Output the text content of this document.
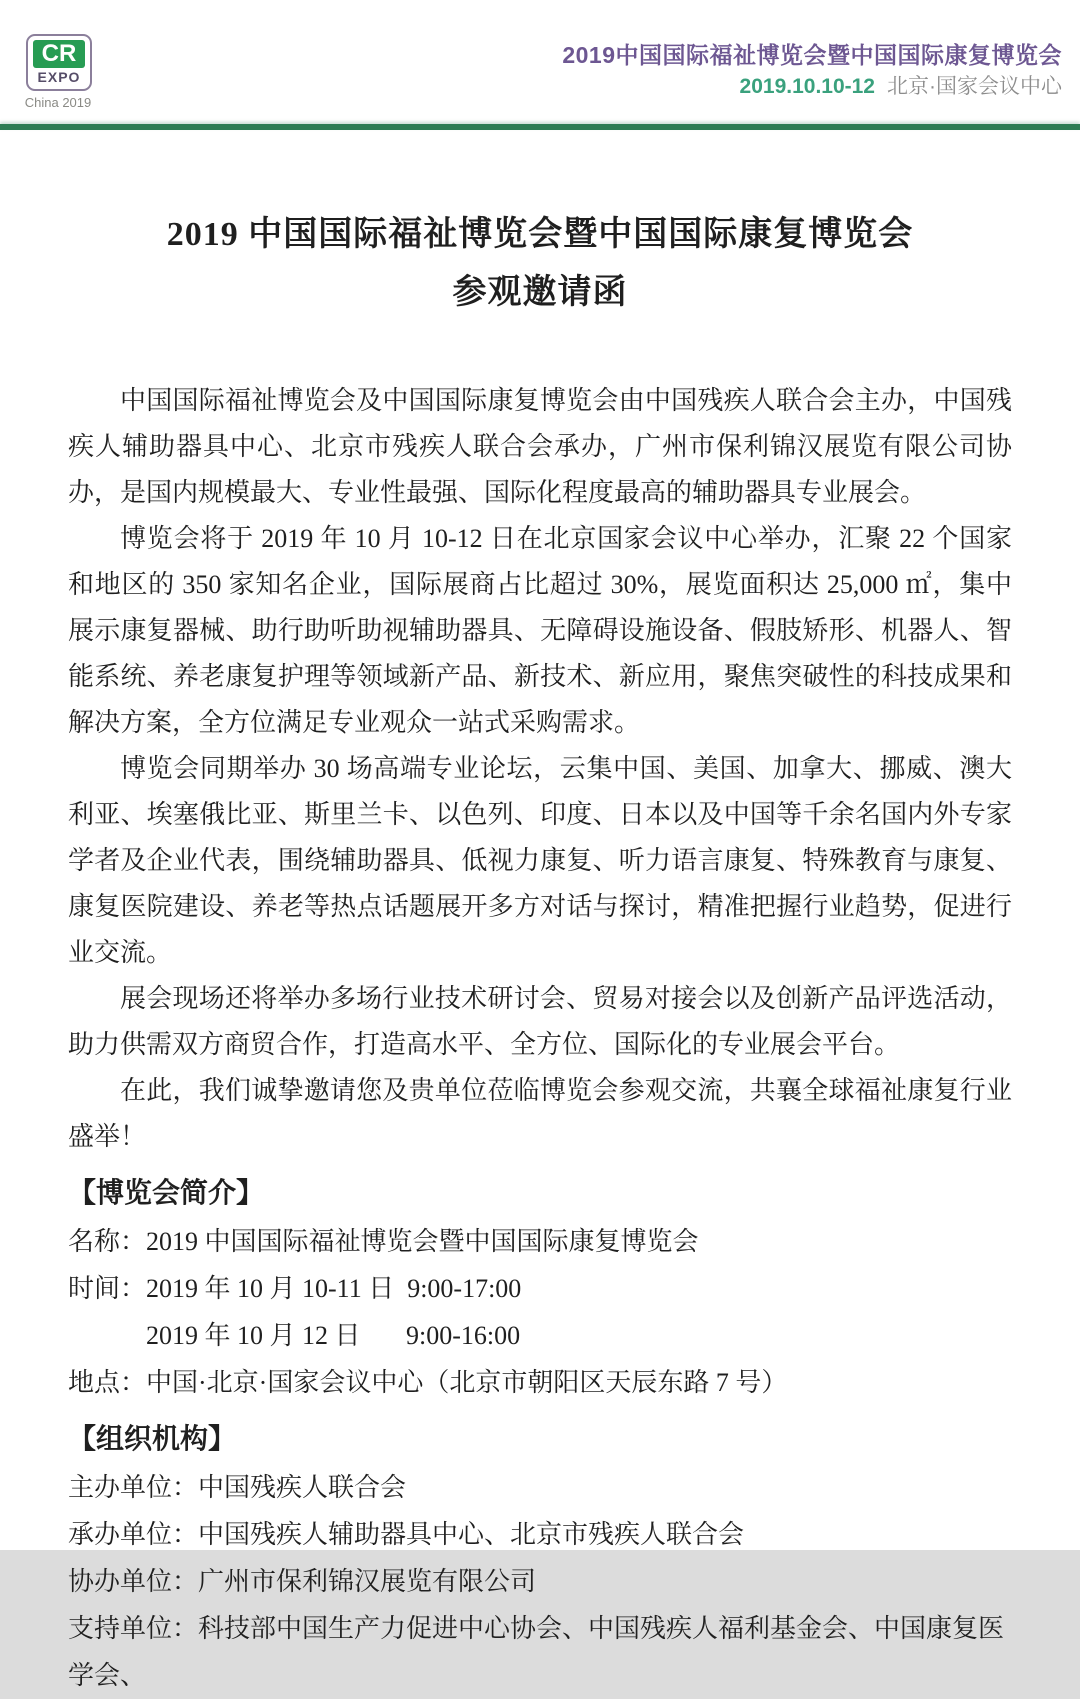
CR
EXPO
China 2019
2019中国国际福祉博览会暨中国国际康复博览会
2019.10.10-12 北京·国家会议中心
2019 中国国际福祉博览会暨中国国际康复博览会
参观邀请函

中国国际福祉博览会及中国国际康复博览会由中国残疾人联合会主办，中国残疾人辅助器具中心、北京市残疾人联合会承办，广州市保利锦汉展览有限公司协办，是国内规模最大、专业性最强、国际化程度最高的辅助器具专业展会。

博览会将于 2019 年 10 月 10-12 日在北京国家会议中心举办，汇聚 22 个国家和地区的 350 家知名企业，国际展商占比超过 30%，展览面积达 25,000 ㎡，集中展示康复器械、助行助听助视辅助器具、无障碍设施设备、假肢矫形、机器人、智能系统、养老康复护理等领域新产品、新技术、新应用，聚焦突破性的科技成果和解决方案，全方位满足专业观众一站式采购需求。

博览会同期举办 30 场高端专业论坛，云集中国、美国、加拿大、挪威、澳大利亚、埃塞俄比亚、斯里兰卡、以色列、印度、日本以及中国等千余名国内外专家学者及企业代表，围绕辅助器具、低视力康复、听力语言康复、特殊教育与康复、康复医院建设、养老等热点话题展开多方对话与探讨，精准把握行业趋势，促进行业交流。

展会现场还将举办多场行业技术研讨会、贸易对接会以及创新产品评选活动，助力供需双方商贸合作，打造高水平、全方位、国际化的专业展会平台。

在此，我们诚挚邀请您及贵单位莅临博览会参观交流，共襄全球福祉康复行业盛举！

【博览会简介】

名称：2019 中国国际福祉博览会暨中国国际康复博览会

时间：2019 年 10 月 10-11 日  9:00-17:00

2019 年 10 月 12 日       9:00-16:00

地点：中国·北京·国家会议中心（北京市朝阳区天辰东路 7 号）

【组织机构】

主办单位：中国残疾人联合会

承办单位：中国残疾人辅助器具中心、北京市残疾人联合会

协办单位：广州市保利锦汉展览有限公司

支持单位：科技部中国生产力促进中心协会、中国残疾人福利基金会、中国康复医学会、
